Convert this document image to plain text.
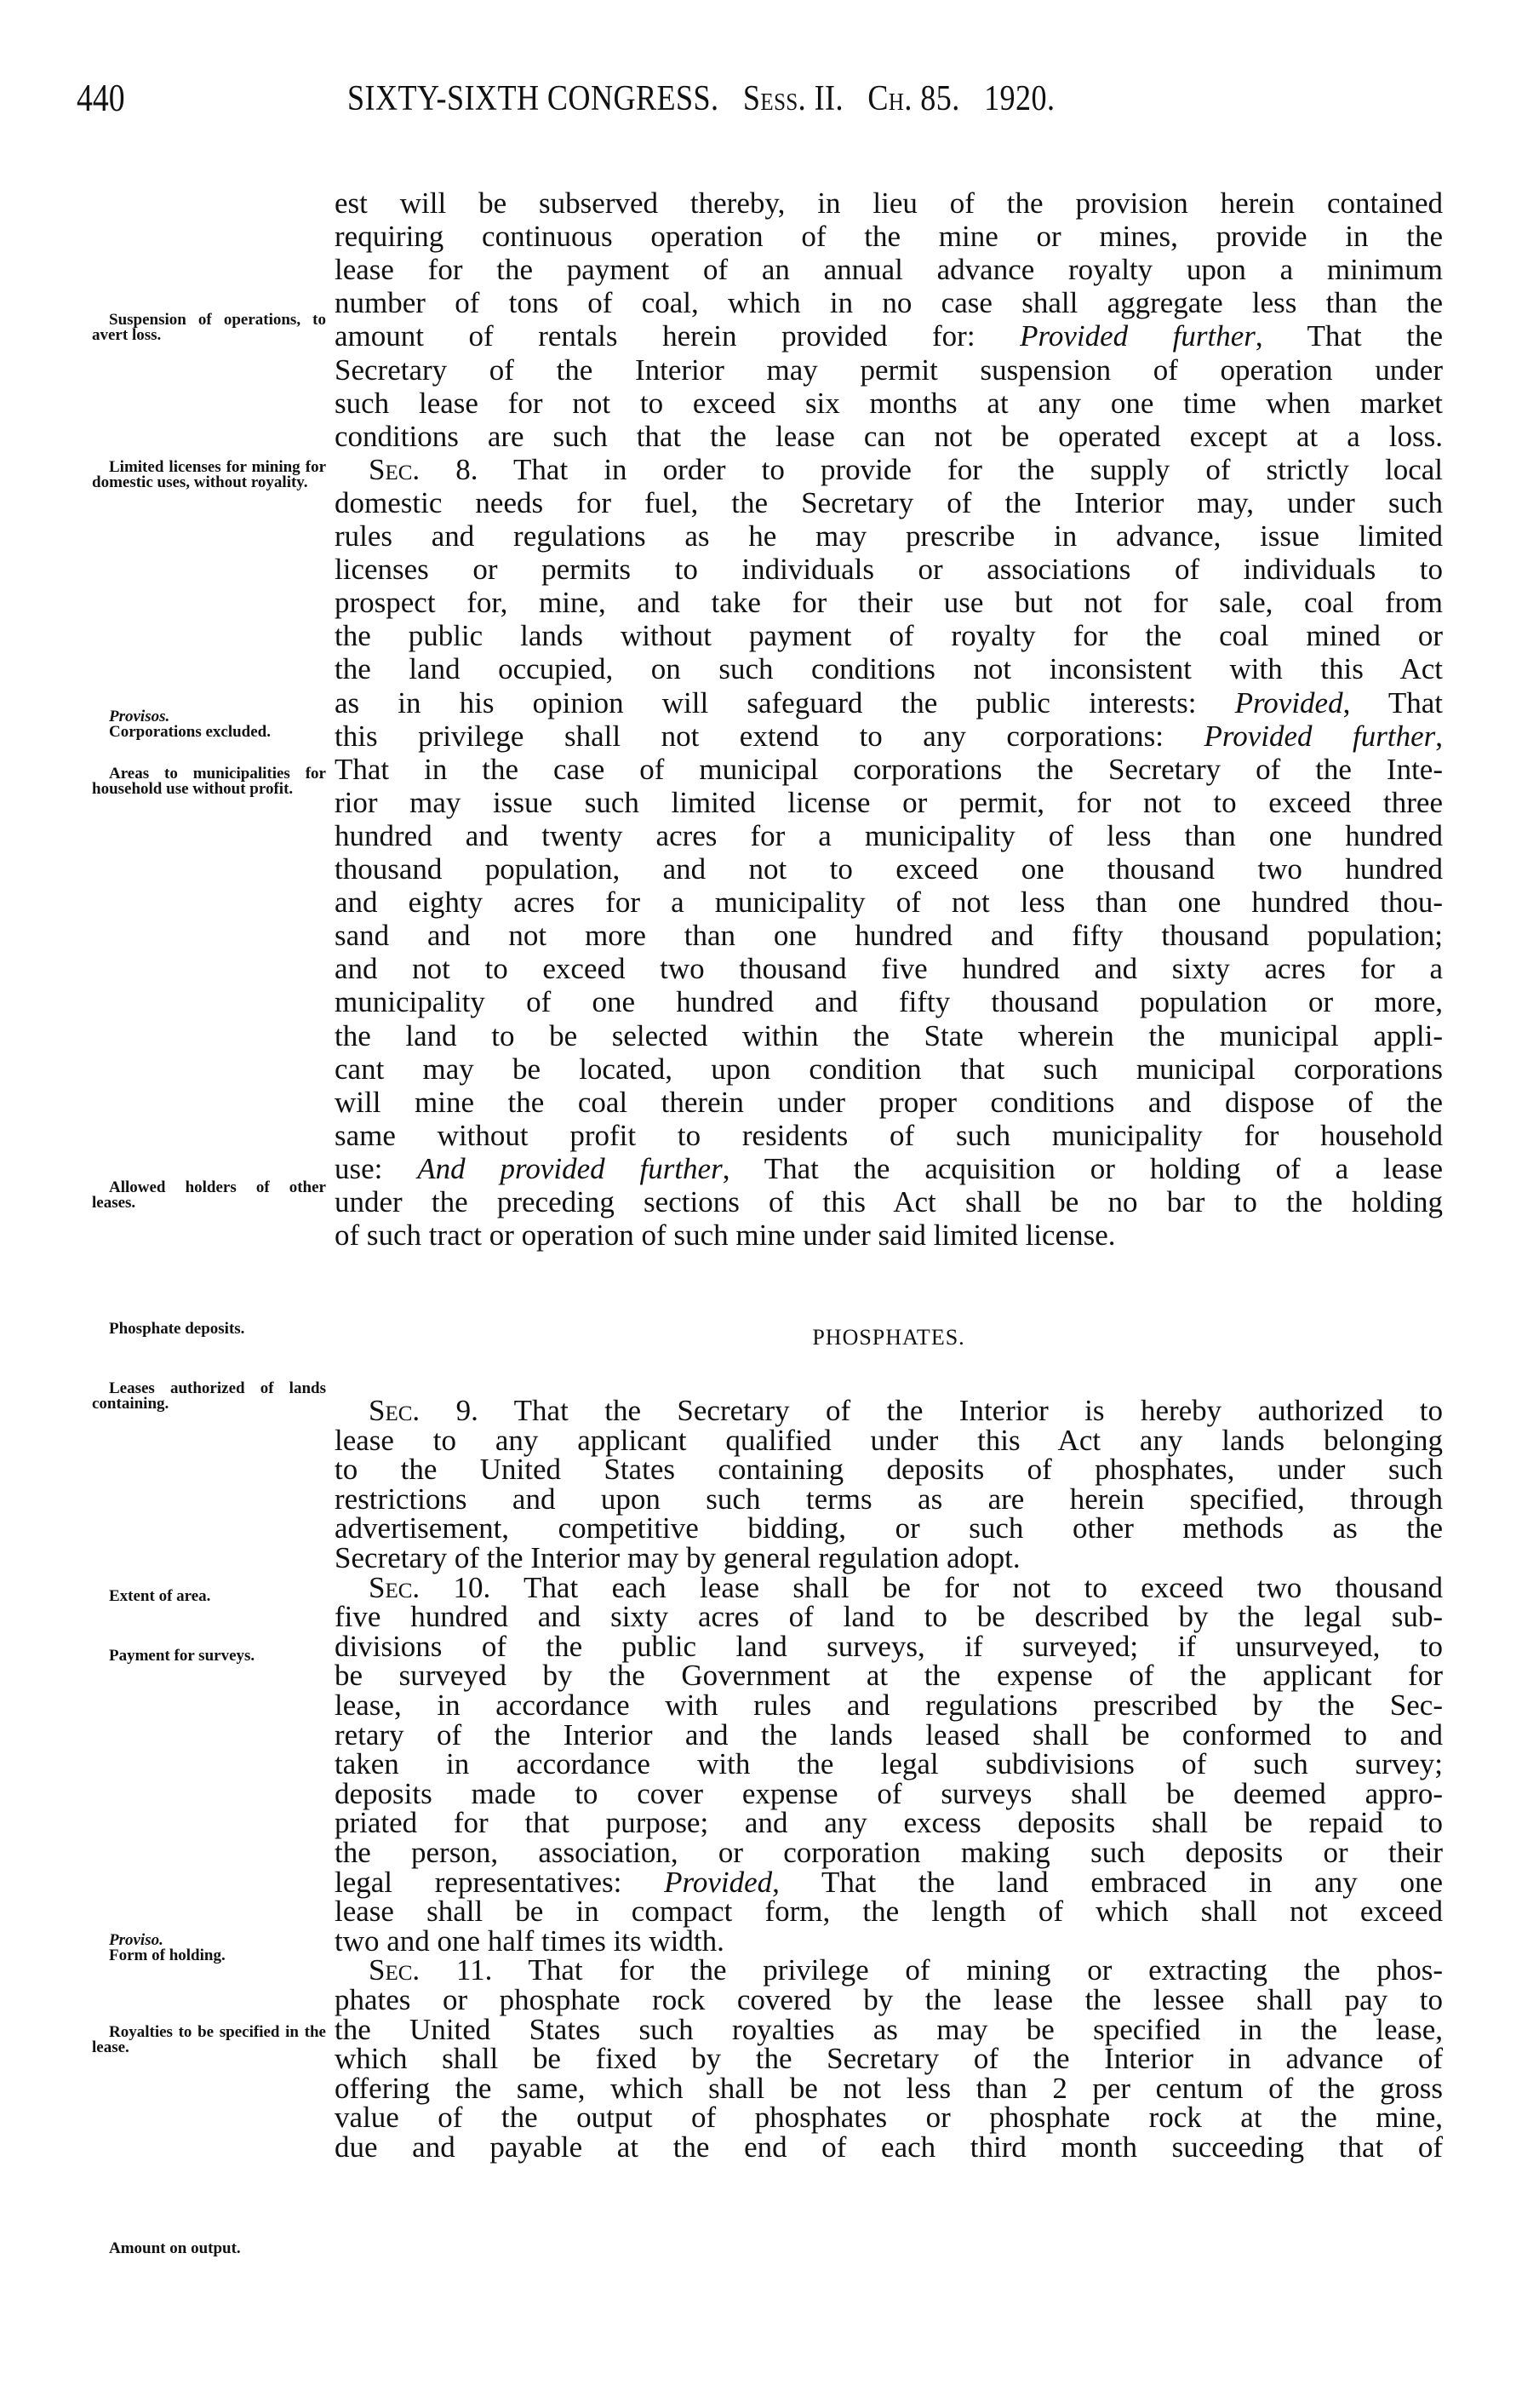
440	SIXTY-SIXTH CONGRESS. Sess. II. Ch. 85. 1920.
Suspension of operations, to avert loss.
Limited licenses for mining for domestic uses, without royality.
Provisos.
Corporations excluded.
Areas to municipalities for household use without profit.
Allowed holders of other leases.
Phosphate deposits.
Leases authorized of lands containing.
Extent of area.
Payment for surveys.
Proviso.
Form of holding.
Royalties to be specified in the lease.
Amount on output.
est will be subserved thereby, in lieu of the provision herein contained
requiring continuous operation of the mine or mines, provide in the
lease for the payment of an annual advance royalty upon a minimum
number of tons of coal, which in no case shall aggregate less than the
amount of rentals herein provided for: Provided further, That the
Secretary of the Interior may permit suspension of operation under
such lease for not to exceed six months at any one time when market
conditions are such that the lease can not be operated except at a loss.
Sec. 8. That in order to provide for the supply of strictly local
domestic needs for fuel, the Secretary of the Interior may, under such
rules and regulations as he may prescribe in advance, issue limited
licenses or permits to individuals or associations of individuals to
prospect for, mine, and take for their use but not for sale, coal from
the public lands without payment of royalty for the coal mined or
the land occupied, on such conditions not inconsistent with this Act
as in his opinion will safeguard the public interests: Provided, That
this privilege shall not extend to any corporations: Provided further,
That in the case of municipal corporations the Secretary of the Inte-
rior may issue such limited license or permit, for not to exceed three
hundred and twenty acres for a municipality of less than one hundred
thousand population, and not to exceed one thousand two hundred
and eighty acres for a municipality of not less than one hundred thou-
sand and not more than one hundred and fifty thousand population;
and not to exceed two thousand five hundred and sixty acres for a
municipality of one hundred and fifty thousand population or more,
the land to be selected within the State wherein the municipal appli-
cant may be located, upon condition that such municipal corporations
will mine the coal therein under proper conditions and dispose of the
same without profit to residents of such municipality for household
use: And provided further, That the acquisition or holding of a lease
under the preceding sections of this Act shall be no bar to the holding
of such tract or operation of such mine under said limited license.
PHOSPHATES.
Sec. 9. That the Secretary of the Interior is hereby authorized to
lease to any applicant qualified under this Act any lands belonging
to the United States containing deposits of phosphates, under such
restrictions and upon such terms as are herein specified, through
advertisement, competitive bidding, or such other methods as the
Secretary of the Interior may by general regulation adopt.
Sec. 10. That each lease shall be for not to exceed two thousand
five hundred and sixty acres of land to be described by the legal sub-
divisions of the public land surveys, if surveyed; if unsurveyed, to
be surveyed by the Government at the expense of the applicant for
lease, in accordance with rules and regulations prescribed by the Sec-
retary of the Interior and the lands leased shall be conformed to and
taken in accordance with the legal subdivisions of such survey;
deposits made to cover expense of surveys shall be deemed appro-
priated for that purpose; and any excess deposits shall be repaid to
the person, association, or corporation making such deposits or their
legal representatives: Provided, That the land embraced in any one
lease shall be in compact form, the length of which shall not exceed
two and one half times its width.
Sec. 11. That for the privilege of mining or extracting the phos-
phates or phosphate rock covered by the lease the lessee shall pay to
the United States such royalties as may be specified in the lease,
which shall be fixed by the Secretary of the Interior in advance of
offering the same, which shall be not less than 2 per centum of the gross
value of the output of phosphates or phosphate rock at the mine,
due and payable at the end of each third month succeeding that of
